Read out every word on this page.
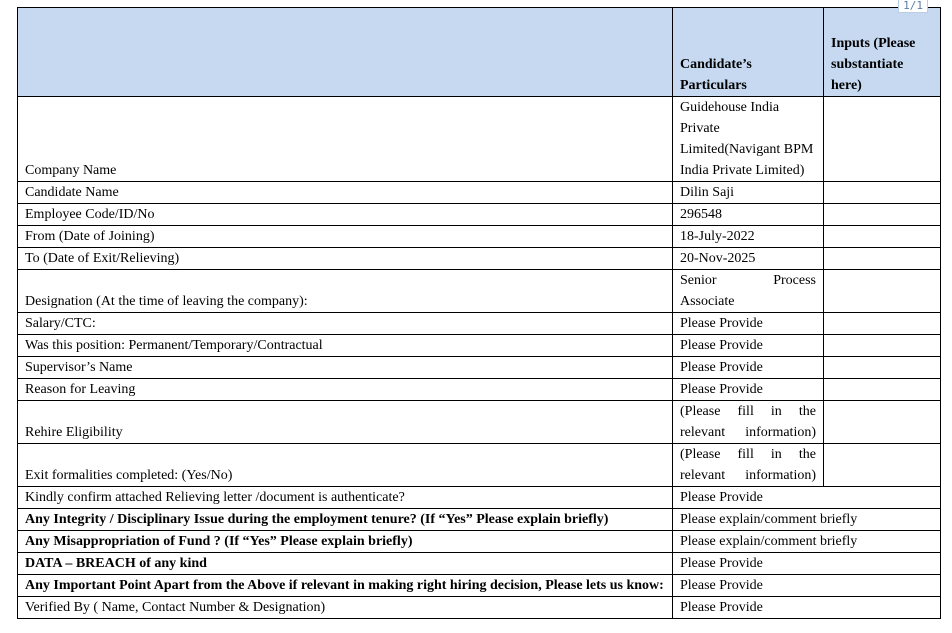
1/1
	Candidate’s Particulars	Inputs (Please substantiate here)
Company Name	Guidehouse India Private Limited(Navigant BPM India Private Limited)	
Candidate Name	Dilin Saji	
Employee Code/ID/No	296548	
From (Date of Joining)	18-July-2022	
To (Date of Exit/Relieving)	20-Nov-2025	
Designation (At the time of leaving the company):	Senior Process Associate	
Salary/CTC:	Please Provide	
Was this position: Permanent/Temporary/Contractual	Please Provide	
Supervisor’s Name	Please Provide	
Reason for Leaving	Please Provide	
Rehire Eligibility	(Please fill in the relevant information)	
Exit formalities completed: (Yes/No)	(Please fill in the relevant information)	
Kindly confirm attached Relieving letter /document is authenticate?	Please Provide	
Any Integrity / Disciplinary Issue during the employment tenure? (If “Yes” Please explain briefly)	Please explain/comment briefly	
Any Misappropriation of Fund ? (If “Yes” Please explain briefly)	Please explain/comment briefly	
DATA – BREACH of any kind	Please Provide	
Any Important Point Apart from the Above if relevant in making right hiring decision, Please lets us know:	Please Provide	
Verified By ( Name, Contact Number & Designation)	Please Provide	
